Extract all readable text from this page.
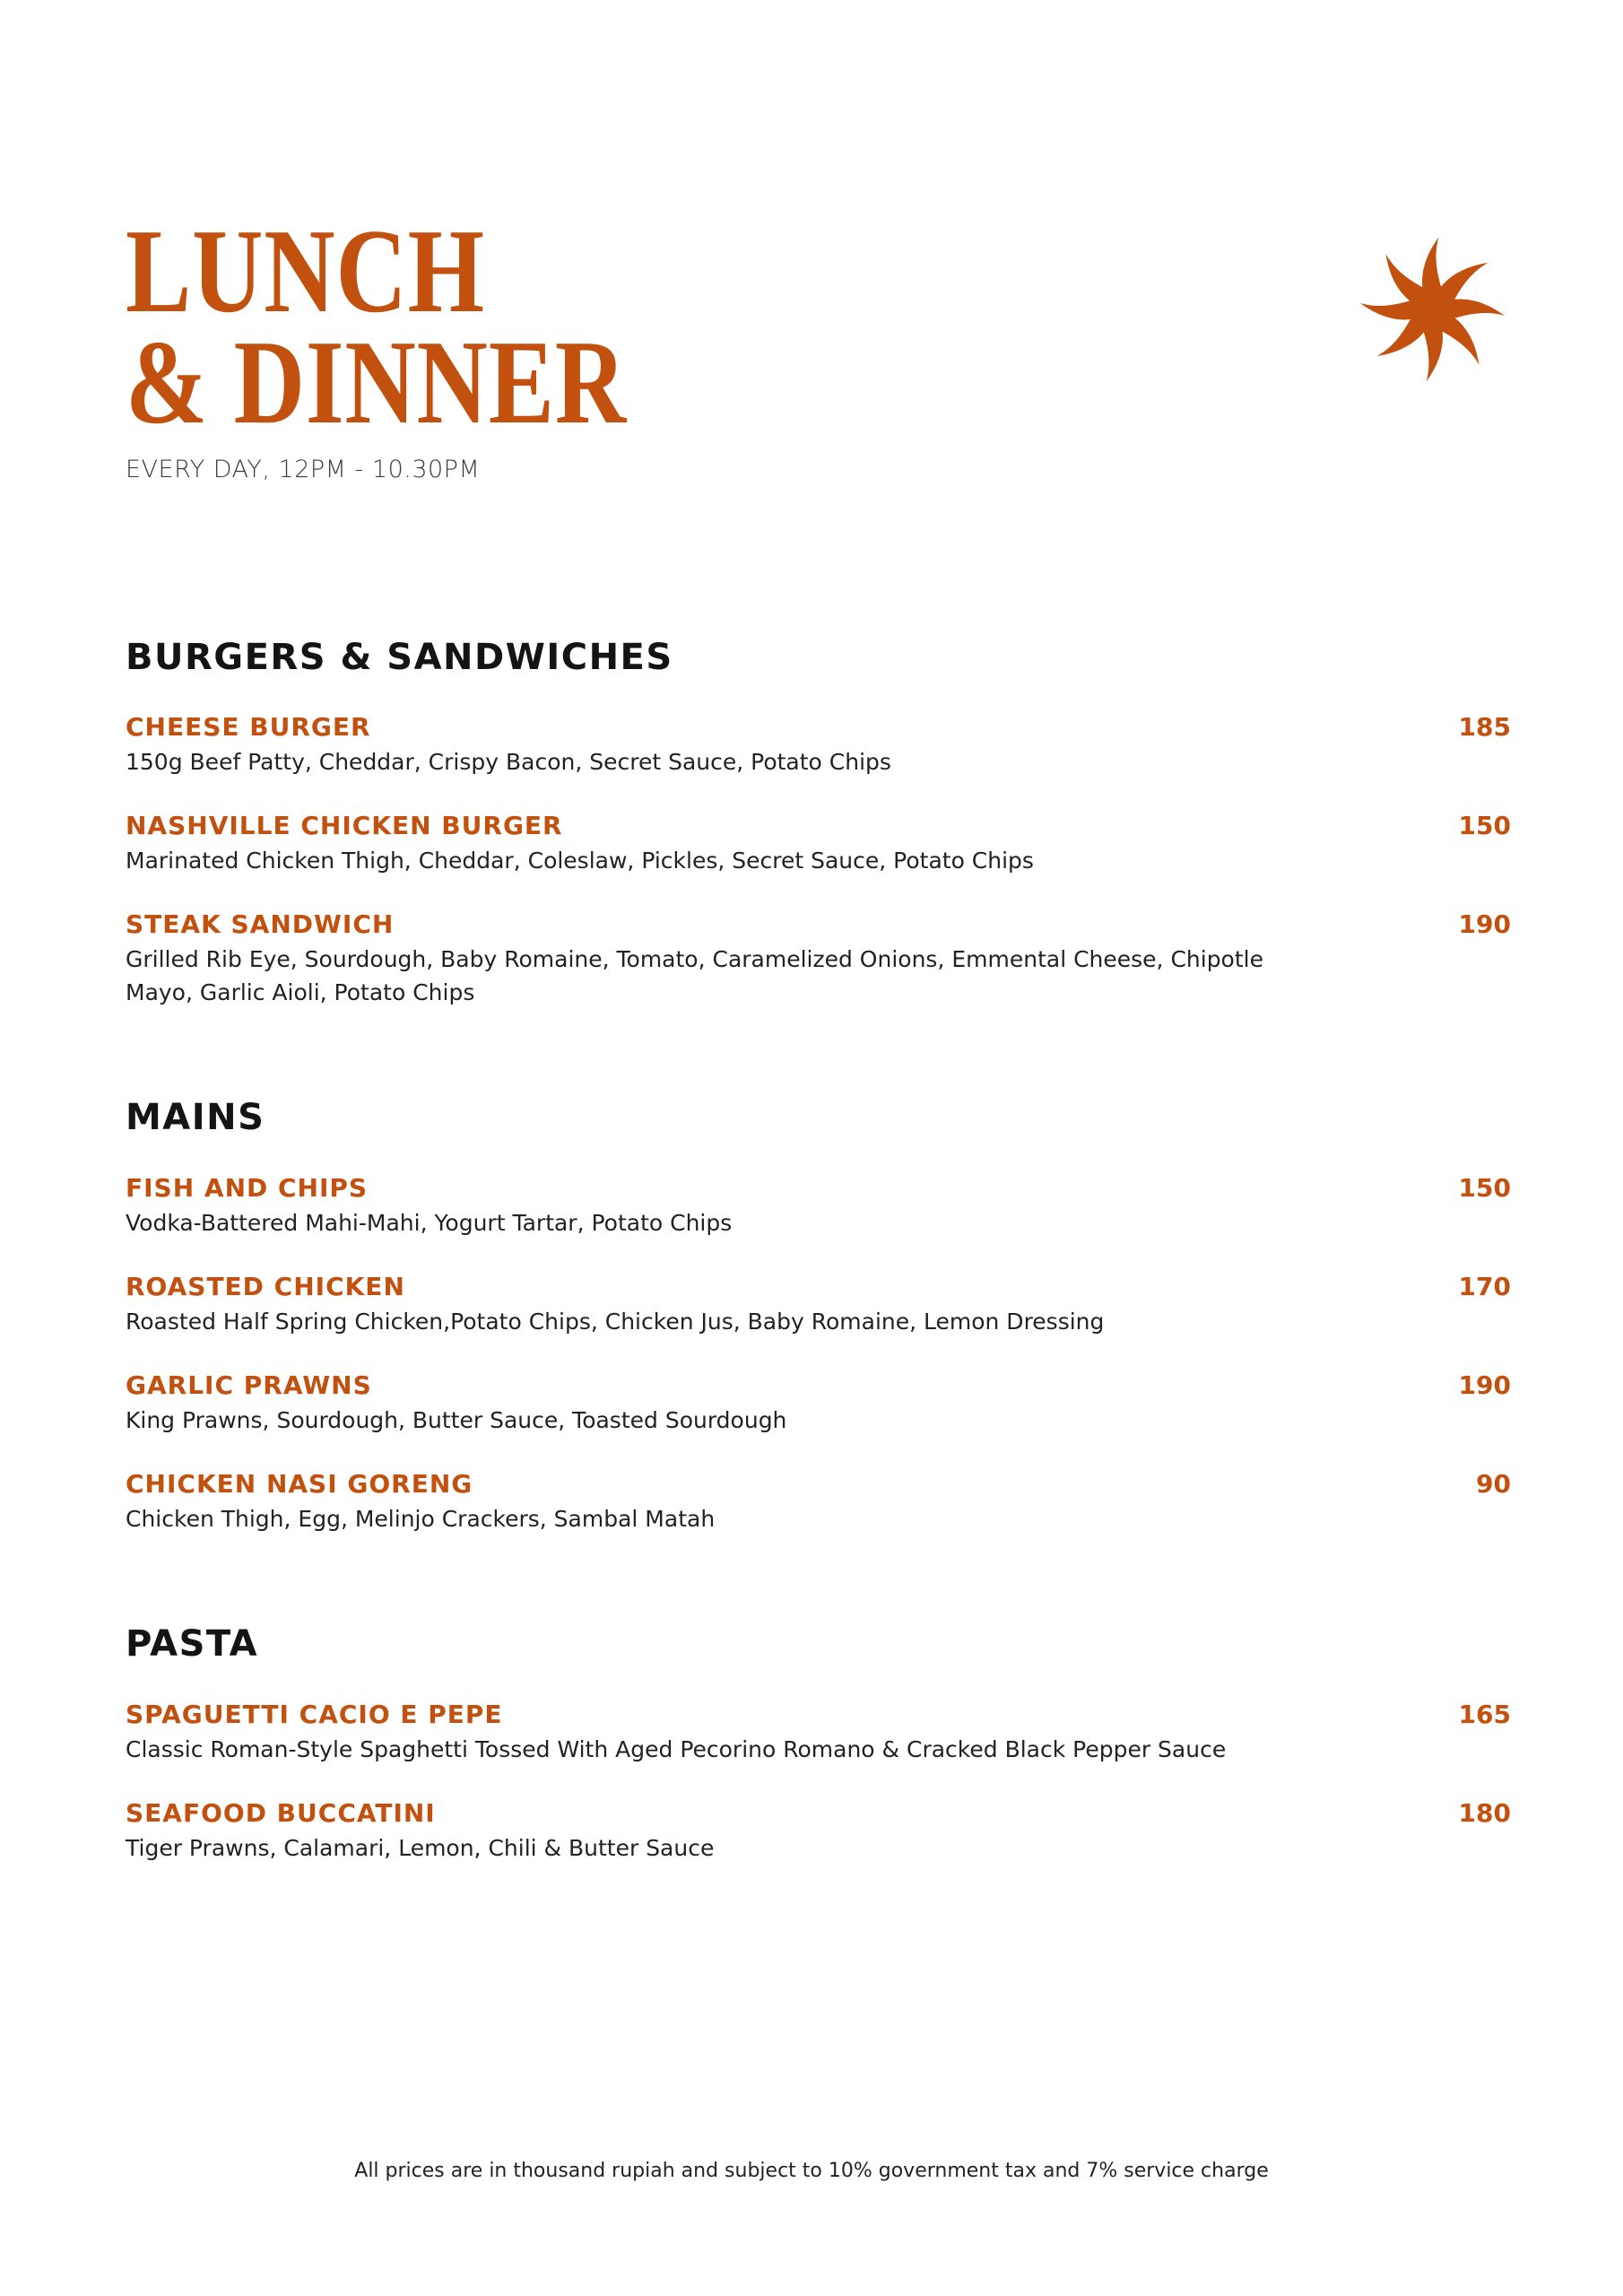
LUNCH
& DINNER
EVERY DAY, 12PM - 10.30PM
BURGERS & SANDWICHES
CHEESE BURGER	185
150g Beef Patty, Cheddar, Crispy Bacon, Secret Sauce, Potato Chips
NASHVILLE CHICKEN BURGER	150
Marinated Chicken Thigh, Cheddar, Coleslaw, Pickles, Secret Sauce, Potato Chips
STEAK SANDWICH	190
Grilled Rib Eye, Sourdough, Baby Romaine, Tomato, Caramelized Onions, Emmental Cheese, Chipotle Mayo, Garlic Aioli, Potato Chips
MAINS
FISH AND CHIPS	150
Vodka-Battered Mahi-Mahi, Yogurt Tartar, Potato Chips
ROASTED CHICKEN	170
Roasted Half Spring Chicken,Potato Chips, Chicken Jus, Baby Romaine, Lemon Dressing
GARLIC PRAWNS	190
King Prawns, Sourdough, Butter Sauce, Toasted Sourdough
CHICKEN NASI GORENG	90
Chicken Thigh, Egg, Melinjo Crackers, Sambal Matah
PASTA
SPAGUETTI CACIO E PEPE	165
Classic Roman-Style Spaghetti Tossed With Aged Pecorino Romano & Cracked Black Pepper Sauce
SEAFOOD BUCCATINI	180
Tiger Prawns, Calamari, Lemon, Chili & Butter Sauce
All prices are in thousand rupiah and subject to 10% government tax and 7% service charge
